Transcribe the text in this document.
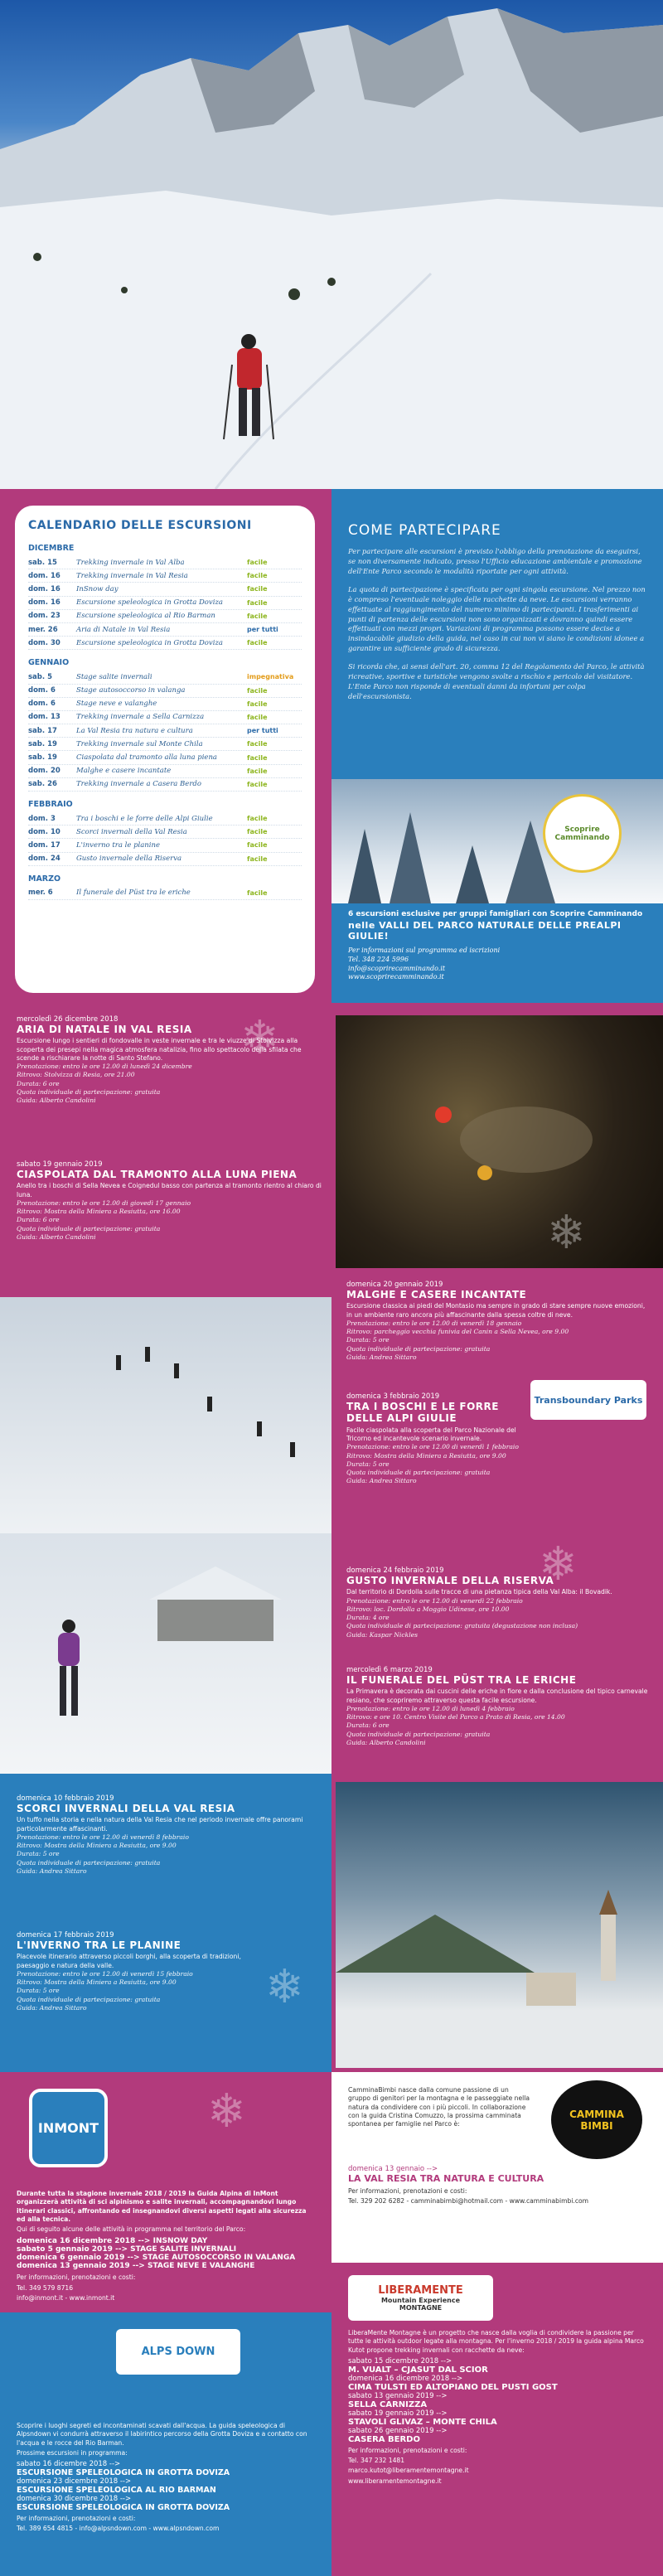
CALENDARIO DELLE ESCURSIONI
DICEMBRE
sab. 15	Trekking invernale in Val Alba	facile
dom. 16	Trekking invernale in Val Resia	facile
dom. 16	InSnow day	facile
dom. 16	Escursione speleologica in Grotta Doviza	facile
dom. 23	Escursione speleologica al Rio Barman	facile
mer. 26	Aria di Natale in Val Resia	per tutti
dom. 30	Escursione speleologica in Grotta Doviza	facile
GENNAIO
sab. 5	Stage salite invernali	impegnativa
dom. 6	Stage autosoccorso in valanga	facile
dom. 6	Stage neve e valanghe	facile
dom. 13	Trekking invernale a Sella Carnizza	facile
sab. 17	La Val Resia tra natura e cultura	per tutti
sab. 19	Trekking invernale sul Monte Chila	facile
sab. 19	Ciaspolata dal tramonto alla luna piena	facile
dom. 20	Malghe e casere incantate	facile
sab. 26	Trekking invernale a Casera Berdo	facile
FEBBRAIO
dom. 3	Tra i boschi e le forre delle Alpi Giulie	facile
dom. 10	Scorci invernali della Val Resia	facile
dom. 17	L'inverno tra le planine	facile
dom. 24	Gusto invernale della Riserva	facile
MARZO
mer. 6	Il funerale del Püst tra le eriche	facile
COME PARTECIPARE

Per partecipare alle escursioni è previsto l'obbligo della prenotazione da eseguirsi, se non diversamente indicato, presso l'Ufficio educazione ambientale e promozione dell'Ente Parco secondo le modalità riportate per ogni attività.

La quota di partecipazione è specificata per ogni singola escursione. Nel prezzo non è compreso l'eventuale noleggio delle racchette da neve. Le escursioni verranno effettuate al raggiungimento del numero minimo di partecipanti. I trasferimenti ai punti di partenza delle escursioni non sono organizzati e dovranno quindi essere effettuati con mezzi propri. Variazioni di programma possono essere decise a insindacabile giudizio della guida, nel caso in cui non vi siano le condizioni idonee a garantire un sufficiente grado di sicurezza.

Si ricorda che, ai sensi dell'art. 20, comma 12 del Regolamento del Parco, le attività ricreative, sportive e turistiche vengono svolte a rischio e pericolo del visitatore. L'Ente Parco non risponde di eventuali danni da infortuni per colpa dell'escursionista.

Scoprire Camminando
6 escursioni esclusive per gruppi famigliari con Scoprire Camminando
nelle VALLI DEL PARCO NATURALE DELLE PREALPI GIULIE!
Per informazioni sul programma ed iscrizioni
Tel. 348 224 5996
info@scoprirecamminando.it
www.scoprirecamminando.it
❄
❄
❄
❄
❄
mercoledì 26 dicembre 2018
ARIA DI NATALE IN VAL RESIA
Escursione lungo i sentieri di fondovalle in veste invernale e tra le viuzze di Stolvizza alla scoperta dei presepi nella magica atmosfera natalizia, fino allo spettacolo della sfilata che scende a rischiarare la notte di Santo Stefano.
Prenotazione: entro le ore 12.00 di lunedì 24 dicembre
Ritrovo: Stolvizza di Resia, ore 21.00
Durata: 6 ore
Quota individuale di partecipazione: gratuita
Guida: Alberto Candolini
sabato 19 gennaio 2019
CIASPOLATA DAL TRAMONTO ALLA LUNA PIENA
Anello tra i boschi di Sella Nevea e Coignedul basso con partenza al tramonto rientro al chiaro di luna.
Prenotazione: entro le ore 12.00 di giovedì 17 gennaio
Ritrovo: Mostra della Miniera a Resiutta, ore 16.00
Durata: 6 ore
Quota individuale di partecipazione: gratuita
Guida: Alberto Candolini
domenica 20 gennaio 2019
MALGHE E CASERE INCANTATE
Escursione classica ai piedi del Montasio ma sempre in grado di stare sempre nuove emozioni, in un ambiente raro ancora più affascinante dalla spessa coltre di neve.
Prenotazione: entro le ore 12.00 di venerdì 18 gennaio
Ritrovo: parcheggio vecchia funivia del Canin a Sella Nevea, ore 9.00
Durata: 5 ore
Quota individuale di partecipazione: gratuita
Guida: Andrea Sittaro
Transboundary Parks
domenica 3 febbraio 2019
TRA I BOSCHI E LE FORRE DELLE ALPI GIULIE
Facile ciaspolata alla scoperta del Parco Nazionale del Tricorno ed incantevole scenario invernale.
Prenotazione: entro le ore 12.00 di venerdì 1 febbraio
Ritrovo: Mostra della Miniera a Resiutta, ore 9.00
Durata: 5 ore
Quota individuale di partecipazione: gratuita
Guida: Andrea Sittaro
domenica 24 febbraio 2019
GUSTO INVERNALE DELLA RISERVA
Dal territorio di Dordolla sulle tracce di una pietanza tipica della Val Alba: il Bovadik.
Prenotazione: entro le ore 12.00 di venerdì 22 febbraio
Ritrovo: loc. Dordolla a Moggio Udinese, ore 10.00
Durata: 4 ore
Quota individuale di partecipazione: gratuita (degustazione non inclusa)
Guida: Kaspar Nickles
mercoledì 6 marzo 2019
IL FUNERALE DEL PÜST TRA LE ERICHE
La Primavera è decorata dai cuscini delle eriche in fiore e dalla conclusione del tipico carnevale resiano, che scopriremo attraverso questa facile escursione.
Prenotazione: entro le ore 12.00 di lunedì 4 febbraio
Ritrovo: e ore 10. Centro Visite del Parco a Prato di Resia, ore 14.00
Durata: 6 ore
Quota individuale di partecipazione: gratuita
Guida: Alberto Candolini
domenica 10 febbraio 2019
SCORCI INVERNALI DELLA VAL RESIA
Un tuffo nella storia e nella natura della Val Resia che nel periodo invernale offre panorami particolarmente affascinanti.
Prenotazione: entro le ore 12.00 di venerdì 8 febbraio
Ritrovo: Mostra della Miniera a Resiutta, ore 9.00
Durata: 5 ore
Quota individuale di partecipazione: gratuita
Guida: Andrea Sittaro
domenica 17 febbraio 2019
L'INVERNO TRA LE PLANINE
Piacevole itinerario attraverso piccoli borghi, alla scoperta di tradizioni, paesaggio e natura della valle.
Prenotazione: entro le ore 12.00 di venerdì 15 febbraio
Ritrovo: Mostra della Miniera a Resiutta, ore 9.00
Durata: 5 ore
Quota individuale di partecipazione: gratuita
Guida: Andrea Sittaro
INMONT
Durante tutta la stagione invernale 2018 / 2019 la Guida Alpina di InMont organizzerà attività di sci alpinismo e salite invernali, accompagnandovi lungo itinerari classici, affrontando ed insegnandovi diversi aspetti legati alla sicurezza ed alla tecnica.
Qui di seguito alcune delle attività in programma nel territorio del Parco:
domenica 16 dicembre 2018 --> INSNOW DAY
sabato 5 gennaio 2019 --> STAGE SALITE INVERNALI
domenica 6 gennaio 2019 --> STAGE AUTOSOCCORSO IN VALANGA
domenica 13 gennaio 2019 --> STAGE NEVE E VALANGHE
Per informazioni, prenotazioni e costi:
Tel. 349 579 8716
info@inmont.it - www.inmont.it
ALPS DOWN
Scoprire i luoghi segreti ed incontaminati scavati dall'acqua. La guida speleologica di Alpsndown vi condurrà attraverso il labirintico percorso della Grotta Doviza e a contatto con l'acqua e le rocce del Rio Barman.
Prossime escursioni in programma:
sabato 16 dicembre 2018 -->
ESCURSIONE SPELEOLOGICA IN GROTTA DOVIZA
domenica 23 dicembre 2018 -->
ESCURSIONE SPELEOLOGICA AL RIO BARMAN
domenica 30 dicembre 2018 -->
ESCURSIONE SPELEOLOGICA IN GROTTA DOVIZA
Per informazioni, prenotazioni e costi:
Tel. 389 654 4815 - info@alpsndown.com - www.alpsndown.com
CamminaBimbi nasce dalla comune passione di un gruppo di genitori per la montagna e le passeggiate nella natura da condividere con i più piccoli. In collaborazione con la guida Cristina Comuzzo, la prossima camminata spontanea per famiglie nel Parco è:
CAMMINA
BIMBI
domenica 13 gennaio -->
LA VAL RESIA TRA NATURA E CULTURA
Per informazioni, prenotazioni e costi:
Tel. 329 202 6282 - camminabimbi@hotmail.com - www.camminabimbi.com
LIBERAMENTE
Mountain Experience
MONTAGNE
LiberaMente Montagne è un progetto che nasce dalla voglia di condividere la passione per tutte le attività outdoor legate alla montagna. Per l'inverno 2018 / 2019 la guida alpina Marco Kutot propone trekking invernali con racchette da neve:
sabato 15 dicembre 2018 -->
M. VUALT – CJASUT DAL SCIOR
domenica 16 dicembre 2018 -->
CIMA TULSTI ED ALTOPIANO DEL PUSTI GOST
sabato 13 gennaio 2019 -->
SELLA CARNIZZA
sabato 19 gennaio 2019 -->
STAVOLI GLIVAZ – MONTE CHILA
sabato 26 gennaio 2019 -->
CASERA BERDO
Per informazioni, prenotazioni e costi:
Tel. 347 232 1481
marco.kutot@liberamentemontagne.it
www.liberamentemontagne.it
